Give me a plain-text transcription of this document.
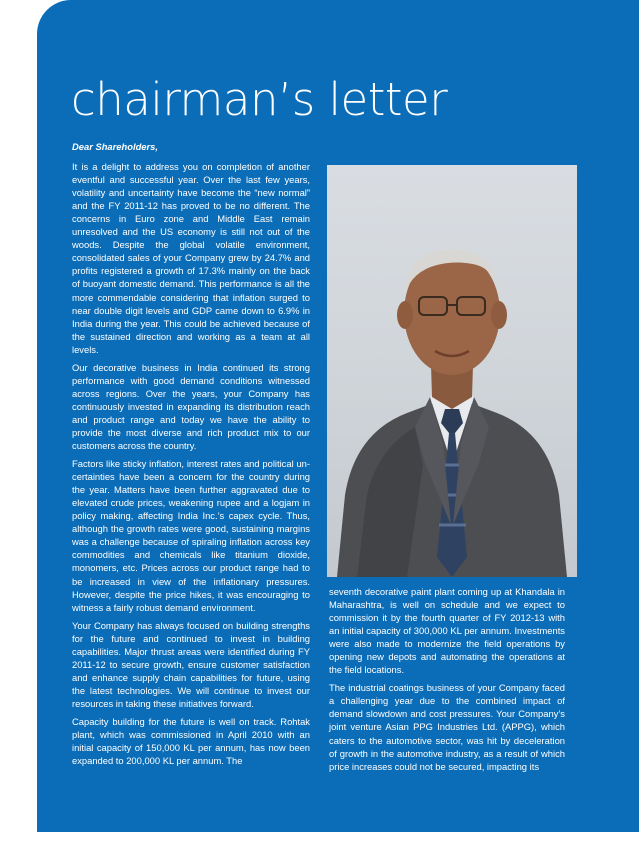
chairman’s letter

Dear Shareholders,

It is a delight to address you on completion of another eventful and successful year. Over the last few years, volatility and uncertainty have become the “new normal” and the FY 2011-12 has proved to be no different. The concerns in Euro zone and Middle East remain unresolved and the US economy is still not out of the woods. Despite the global volatile environment, consolidated sales of your Company grew by 24.7% and profits registered a growth of 17.3% mainly on the back of buoyant domestic demand. This performance is all the more commendable considering that inflation surged to near double digit levels and GDP came down to 6.9% in India during the year. This could be achieved because of the sustained direction and working as a team at all levels.

Our decorative business in India continued its strong performance with good demand conditions witnessed across regions. Over the years, your Company has continuously invested in expanding its distribution reach and product range and today we have the ability to provide the most diverse and rich product mix to our customers across the country.

Factors like sticky inflation, interest rates and political un-certainties have been a concern for the country during the year. Matters have been further aggravated due to elevated crude prices, weakening rupee and a logjam in policy making, affecting India Inc.’s capex cycle. Thus, although the growth rates were good, sustaining margins was a challenge because of spiraling inflation across key commodities and chemicals like titanium dioxide, monomers, etc. Prices across our product range had to be increased in view of the inflationary pressures. However, despite the price hikes, it was encouraging to witness a fairly robust demand environment.

Your Company has always focused on building strengths for the future and continued to invest in building capabilities. Major thrust areas were identified during FY 2011-12 to secure growth, ensure customer satisfaction and enhance supply chain capabilities for future, using the latest technologies. We will continue to invest our resources in taking these initiatives forward.

Capacity building for the future is well on track. Rohtak plant, which was commissioned in April 2010 with an initial capacity of 150,000 KL per annum, has now been expanded to 200,000 KL per annum. The

seventh decorative paint plant coming up at Khandala in Maharashtra, is well on schedule and we expect to commission it by the fourth quarter of FY 2012-13 with an initial capacity of 300,000 KL per annum. Investments were also made to modernize the field operations by opening new depots and automating the operations at the field locations.

The industrial coatings business of your Company faced a challenging year due to the combined impact of demand slowdown and cost pressures. Your Company’s joint venture Asian PPG Industries Ltd. (APPG), which caters to the automotive sector, was hit by deceleration of growth in the automotive industry, as a result of which price increases could not be secured, impacting its
